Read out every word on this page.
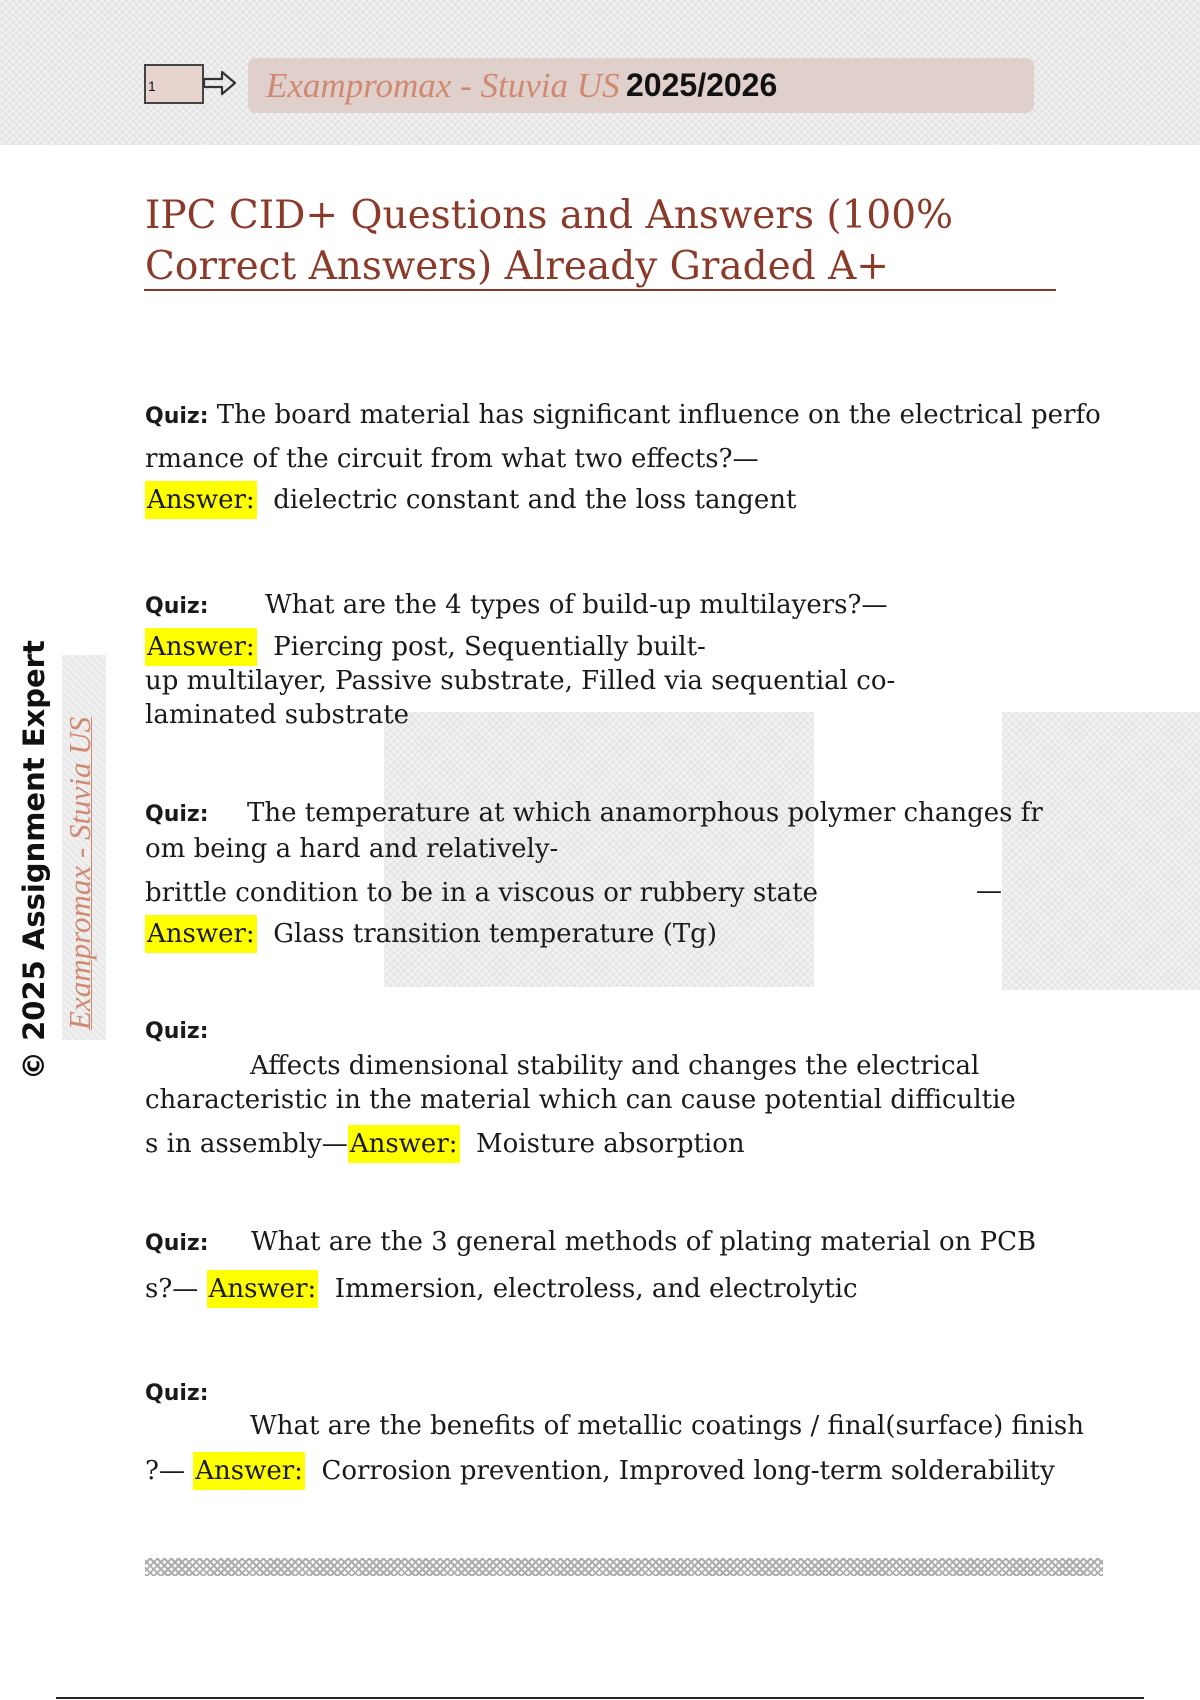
1	Exampromax - Stuvia US 2025/2026
IPC CID+ Questions and Answers (100%
Correct Answers) Already Graded A+
© 2025 Assignment Expert Exampromax - Stuvia US
Quiz: The board material has significant influence on the electrical perfo
rmance of the circuit from what two effects?—
Answer: dielectric constant and the loss tangent
Quiz: What are the 4 types of build-up multilayers?—
Answer: Piercing post, Sequentially built-
up multilayer, Passive substrate, Filled via sequential co-
laminated substrate
Quiz: The temperature at which anamorphous polymer changes fr
om being a hard and relatively-
brittle condition to be in a viscous or rubbery state	—
Answer: Glass transition temperature (Tg)
Quiz:
Affects dimensional stability and changes the electrical
characteristic in the material which can cause potential difficultie
s in assembly—Answer: Moisture absorption
Quiz: What are the 3 general methods of plating material on PCB
s?— Answer: Immersion, electroless, and electrolytic
Quiz:
What are the benefits of metallic coatings / final(surface) finish
?— Answer: Corrosion prevention, Improved long-term solderability
